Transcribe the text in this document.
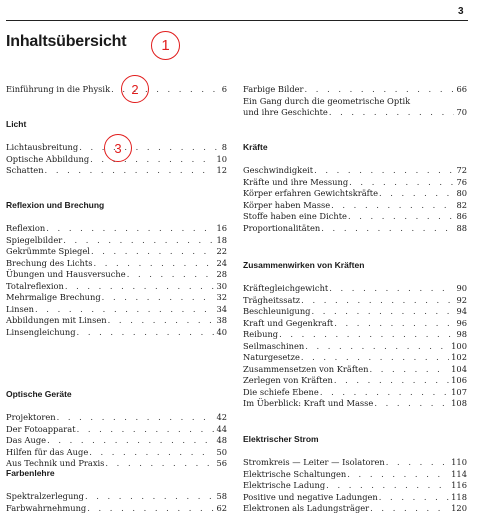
3
Inhaltsübersicht	1
2
3
Einführung in die Physik . . .	6
Licht
Lichtausbreitung . . .	8
Optische Abbildung . . .	10
Schatten . . .	12
Reflexion und Brechung
Reflexion . . .	16
Spiegelbilder . . .	18
Gekrümmte Spiegel . . .	22
Brechung des Lichts . . .	24
Übungen und Hausversuche . . .	28
Totalreflexion . . .	30
Mehrmalige Brechung . . .	32
Linsen . . .	34
Abbildungen mit Linsen . . .	38
Linsengleichung . . .	40
Optische Geräte
Projektoren . . .	42
Der Fotoapparat . . .	44
Das Auge . . .	48
Hilfen für das Auge . . .	50
Aus Technik und Praxis . . .	56
Farbenlehre
Spektralzerlegung . . .	58
Farbwahrnehmung . . .	62
Farbige Bilder . . .	66
Ein Gang durch die geometrische Optik
und ihre Geschichte . . .	70
Kräfte
Geschwindigkeit . . .	72
Kräfte und ihre Messung . . .	76
Körper erfahren Gewichtskräfte . . .	80
Körper haben Masse . . .	82
Stoffe haben eine Dichte . . .	86
Proportionalitäten . . .	88
Zusammenwirken von Kräften
Kräftegleichgewicht . . .	90
Trägheitssatz . . .	92
Beschleunigung . . .	94
Kraft und Gegenkraft . . .	96
Reibung . . .	98
Seilmaschinen . . .	100
Naturgesetze . . .	102
Zusammensetzen von Kräften . . .	104
Zerlegen von Kräften . . .	106
Die schiefe Ebene . . .	107
Im Überblick: Kraft und Masse . . .	108
Elektrischer Strom
Stromkreis — Leiter — Isolatoren . . .	110
Elektrische Schaltungen . . .	114
Elektrische Ladung . . .	116
Positive und negative Ladungen . . .	118
Elektronen als Ladungsträger . . .	120
